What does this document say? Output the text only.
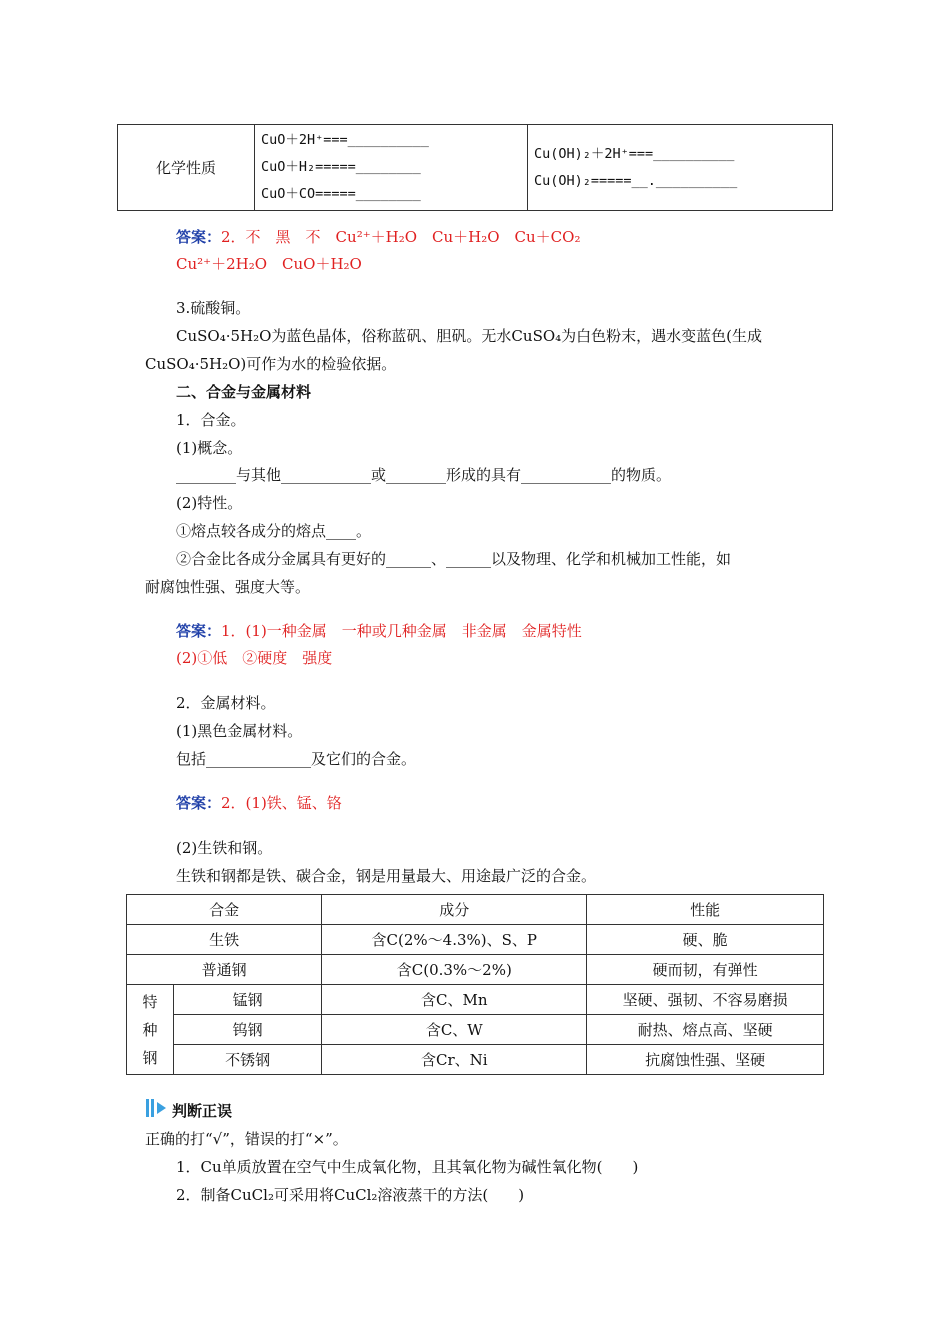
化学性质	
CuO＋2H⁺===__________
CuO＋H₂=====________
CuO＋CO=====________

Cu(OH)₂＋2H⁺===__________
Cu(OH)₂=====__.__________
答案：2．不　黑　不　Cu²⁺＋H₂O　Cu＋H₂O　Cu＋CO₂
Cu²⁺＋2H₂O　CuO＋H₂O
3.硫酸铜。
CuSO₄·5H₂O为蓝色晶体，俗称蓝矾、胆矾。无水CuSO₄为白色粉末，遇水变蓝色(生成
CuSO₄·5H₂O)可作为水的检验依据。
二、合金与金属材料
1．合金。
(1)概念。
________与其他____________或________形成的具有____________的物质。
(2)特性。
①熔点较各成分的熔点____。
②合金比各成分金属具有更好的______、______以及物理、化学和机械加工性能，如
耐腐蚀性强、强度大等。
答案：1．(1)一种金属　一种或几种金属　非金属　金属特性
(2)①低　②硬度　强度
2．金属材料。
(1)黑色金属材料。
包括______________及它们的合金。
答案：2．(1)铁、锰、铬
(2)生铁和钢。
生铁和钢都是铁、碳合金，钢是用量最大、用途最广泛的合金。
合金		成分	性能
生铁		含C(2%～4.3%)、S、P	硬、脆
普通钢		含C(0.3%～2%)	硬而韧，有弹性

特
种
钢	锰钢	含C、Mn	坚硬、强韧、不容易磨损
	钨钢	含C、W	耐热、熔点高、坚硬
	不锈钢	含Cr、Ni	抗腐蚀性强、坚硬
判断正误
正确的打“√”，错误的打“×”。
1．Cu单质放置在空气中生成氧化物，且其氧化物为碱性氧化物(　　)
2．制备CuCl₂可采用将CuCl₂溶液蒸干的方法(　　)
